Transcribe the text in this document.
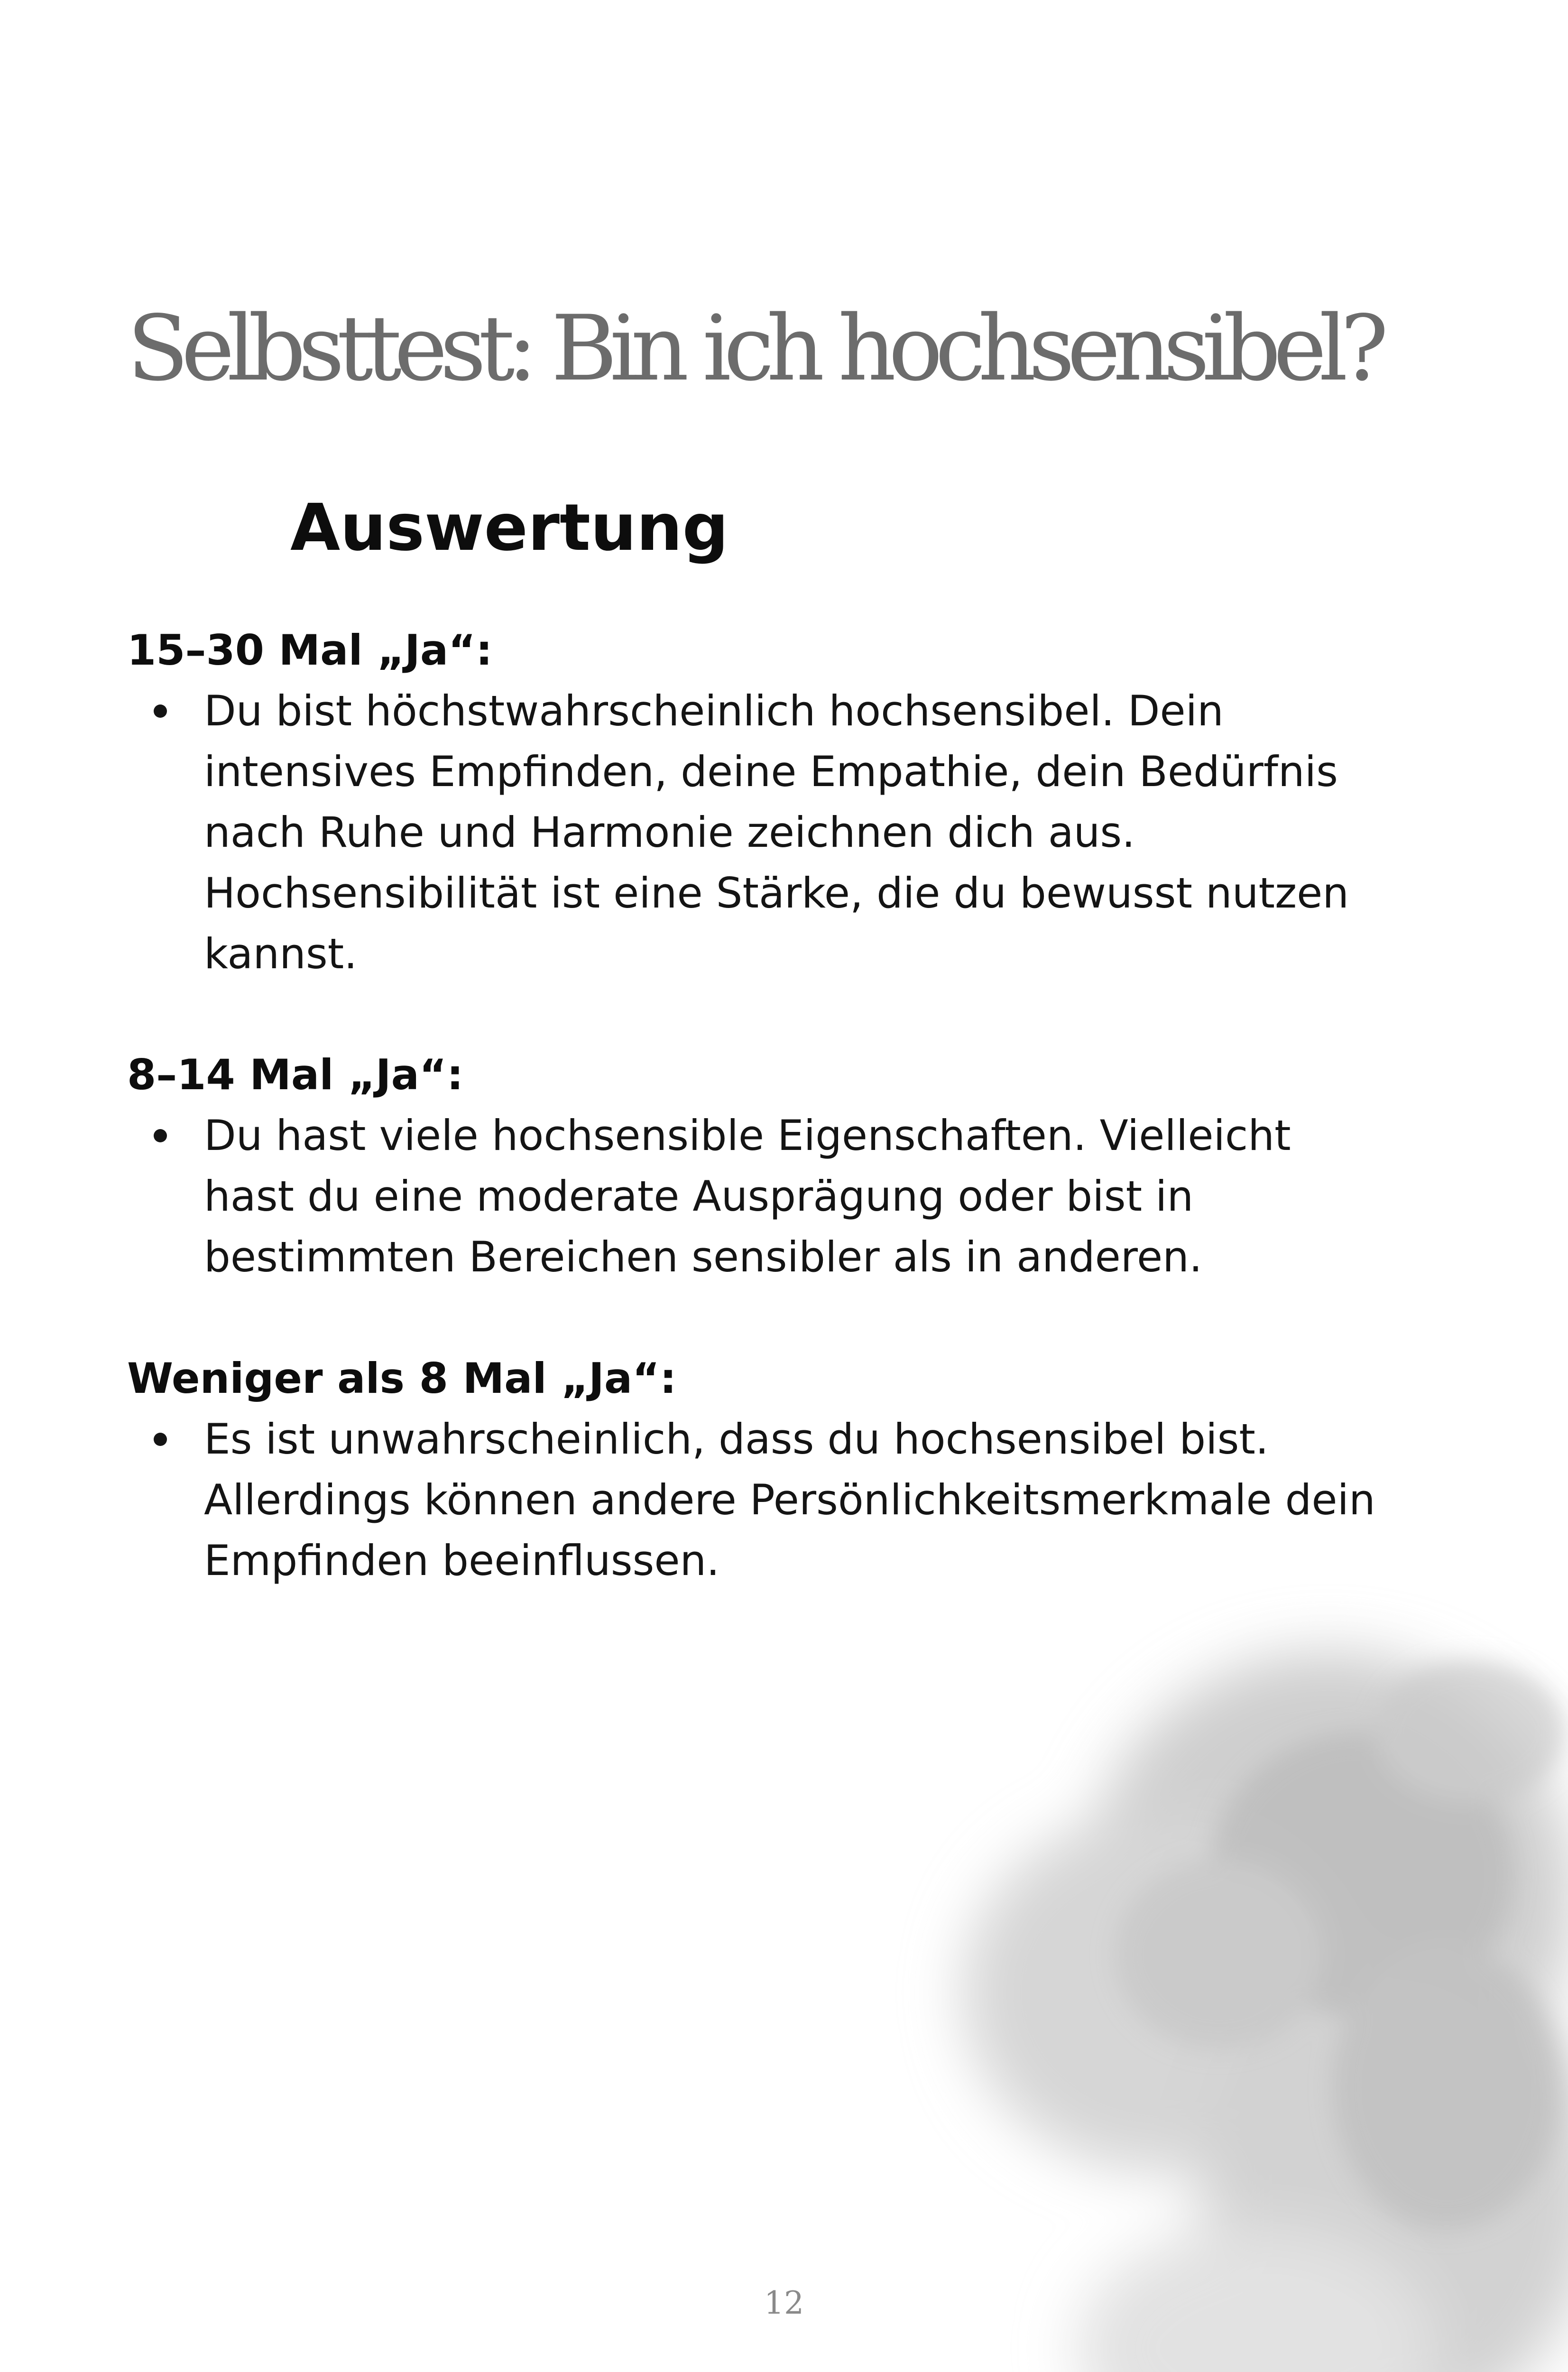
Selbsttest: Bin ich hochsensibel?
Auswertung

15–30 Mal „Ja“:

Du bist höchstwahrscheinlich hochsensibel. Dein intensives Empfinden, deine Empathie, dein Bedürfnis nach Ruhe und Harmonie zeichnen dich aus. Hochsensibilität ist eine Stärke, die du bewusst nutzen kannst.

8–14 Mal „Ja“:

Du hast viele hochsensible Eigenschaften. Vielleicht hast du eine moderate Ausprägung oder bist in bestimmten Bereichen sensibler als in anderen.

Weniger als 8 Mal „Ja“:

Es ist unwahrscheinlich, dass du hochsensibel bist. Allerdings können andere Persönlichkeitsmerkmale dein Empfinden beeinflussen.
12
